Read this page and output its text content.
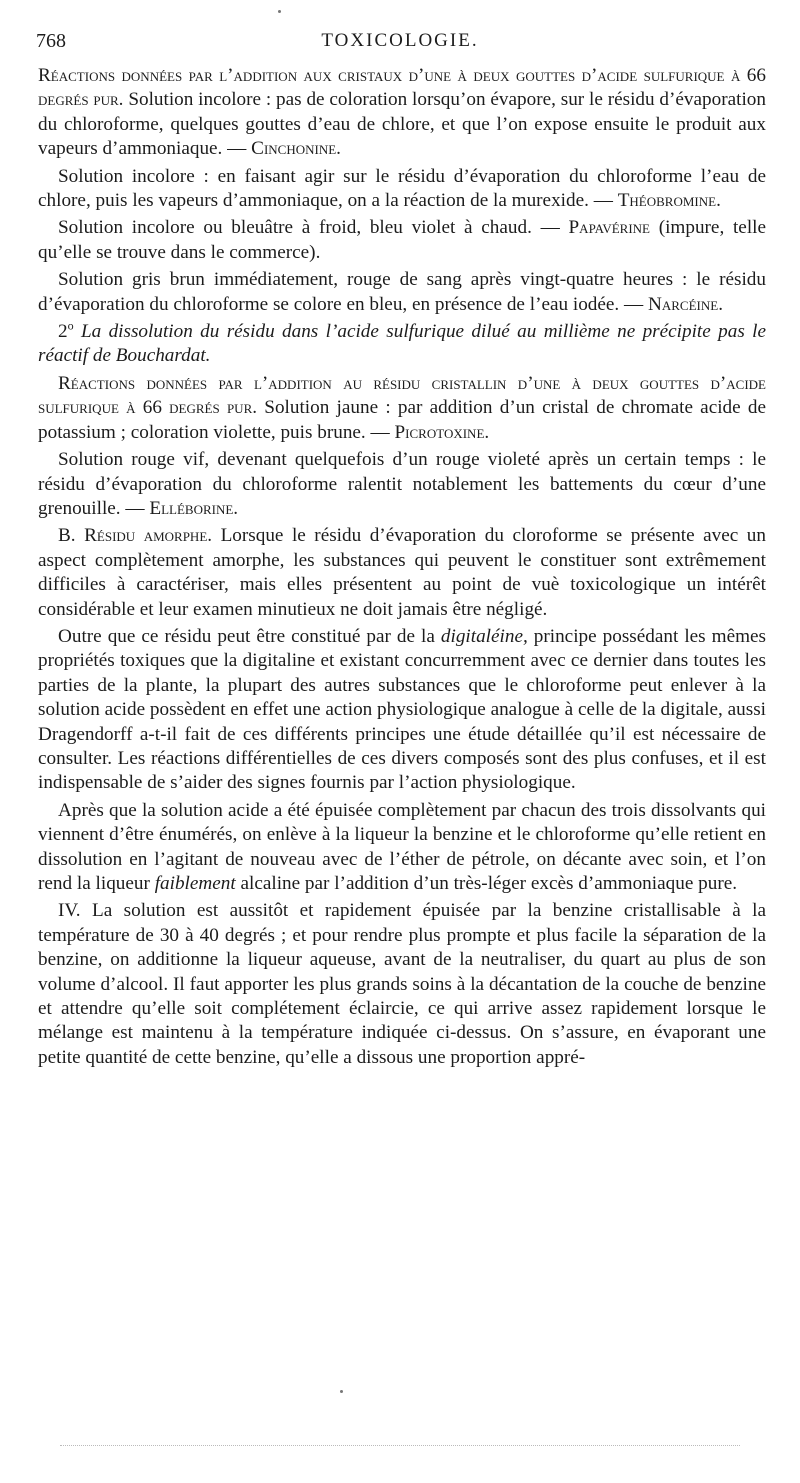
768	TOXICOLOGIE.

Réactions données par l’addition aux cristaux d’une à deux gouttes d’acide sulfurique à 66 degrés pur. Solution incolore : pas de coloration lorsqu’on évapore, sur le résidu d’évaporation du chloroforme, quelques gouttes d’eau de chlore, et que l’on expose ensuite le produit aux vapeurs d’ammoniaque. — Cinchonine.

Solution incolore : en faisant agir sur le résidu d’évaporation du chloroforme l’eau de chlore, puis les vapeurs d’ammoniaque, on a la réaction de la murexide. — Théobromine.

Solution incolore ou bleuâtre à froid, bleu violet à chaud. — Papavérine (impure, telle qu’elle se trouve dans le commerce).

Solution gris brun immédiatement, rouge de sang après vingt-quatre heures : le résidu d’évaporation du chloroforme se colore en bleu, en présence de l’eau iodée. — Narcéine.

2$^o$ La dissolution du résidu dans l’acide sulfurique dilué au millième ne précipite pas le réactif de Bouchardat.

Réactions données par l’addition au résidu cristallin d’une à deux gouttes d’acide sulfurique à 66 degrés pur. Solution jaune : par addition d’un cristal de chromate acide de potassium ; coloration violette, puis brune. — Picrotoxine.

Solution rouge vif, devenant quelquefois d’un rouge violeté après un certain temps : le résidu d’évaporation du chloroforme ralentit notablement les battements du cœur d’une grenouille. — Elléborine.

B. Résidu amorphe. Lorsque le résidu d’évaporation du cloroforme se présente avec un aspect complètement amorphe, les substances qui peuvent le constituer sont extrêmement difficiles à caractériser, mais elles présentent au point de vuè toxicologique un intérêt considérable et leur examen minutieux ne doit jamais être négligé.

Outre que ce résidu peut être constitué par de la digitaléine, principe possédant les mêmes propriétés toxiques que la digitaline et existant concurremment avec ce dernier dans toutes les parties de la plante, la plupart des autres substances que le chloroforme peut enlever à la solution acide possèdent en effet une action physiologique analogue à celle de la digitale, aussi Dragendorff a-t-il fait de ces différents principes une étude détaillée qu’il est nécessaire de consulter. Les réactions différentielles de ces divers composés sont des plus confuses, et il est indispensable de s’aider des signes fournis par l’action physiologique.

Après que la solution acide a été épuisée complètement par chacun des trois dissolvants qui viennent d’être énumérés, on enlève à la liqueur la benzine et le chloroforme qu’elle retient en dissolution en l’agitant de nouveau avec de l’éther de pétrole, on décante avec soin, et l’on rend la liqueur faiblement alcaline par l’addition d’un très-léger excès d’ammoniaque pure.

IV. La solution est aussitôt et rapidement épuisée par la benzine cristallisable à la température de 30 à 40 degrés ; et pour rendre plus prompte et plus facile la séparation de la benzine, on additionne la liqueur aqueuse, avant de la neutraliser, du quart au plus de son volume d’alcool. Il faut apporter les plus grands soins à la décantation de la couche de benzine et attendre qu’elle soit complétement éclaircie, ce qui arrive assez rapidement lorsque le mélange est maintenu à la température indiquée ci-dessus. On s’assure, en évaporant une petite quantité de cette benzine, qu’elle a dissous une proportion appré-
